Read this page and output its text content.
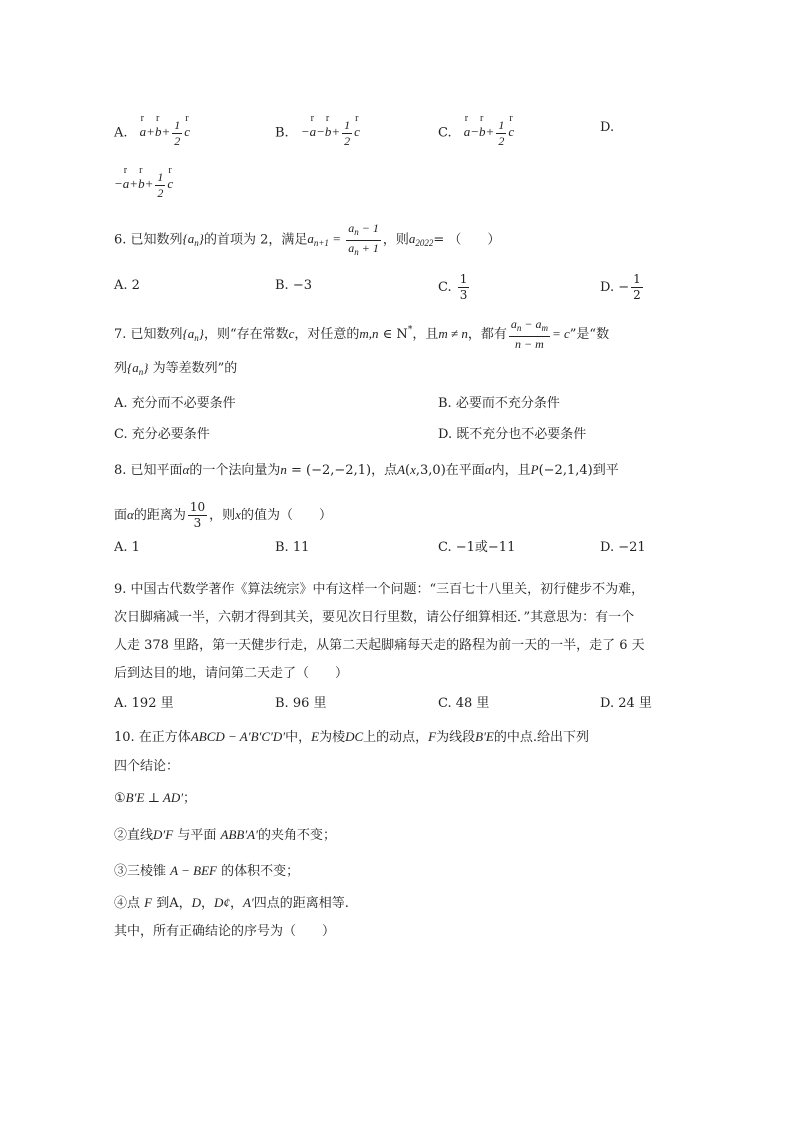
A. r a+r $b+ \frac{1}{2}$ r c	B. −r a−r $b+ \frac{1}{2}$ r c	C. r a−r $b+ \frac{1}{2}$ r c	D.
−r a+r $b+ \frac{1}{2}$ r c
6. 已知数列$\{a_n\}$的首项为 2，满足$a_{n+1} = \frac{a_n - 1}{a_n + 1}$ ，则$a_{2022}=$ （　　）
A. 2	B. −3	C. $\frac{1}{3}$	D. − $\frac{1}{2}$
7. 已知数列$\{a_n\}$，则“存在常数c，对任意的m,n ∈ N*，且m ≠ n，都有 $\frac{a_n - a_m}{n - m} = c$”是“数
列$\{a_n\}$ 为等差数列”的
A. 充分而不必要条件	B. 必要而不充分条件
C. 充分必要条件	D. 既不充分也不必要条件
8. 已知平面α的一个法向量为n = (−2,−2,1)，点A(x,3,0)在平面α内，且P(−2,1,4)到平
面α的距离为 $\frac{10}{3}$ ，则x的值为（　　）
A. 1	B. 11	C. −1或−11	D. −21
9. 中国古代数学著作《算法统宗》中有这样一个问题：“三百七十八里关，初行健步不为难，
次日脚痛减一半，六朝才得到其关，要见次日行里数，请公仔细算相还．”其意思为：有一个
人走 378 里路，第一天健步行走，从第二天起脚痛每天走的路程为前一天的一半，走了 6 天
后到达目的地，请问第二天走了（　　）
A. 192 里	B. 96 里	C. 48 里	D. 24 里
10. 在正方体ABCD − A′B′C′D′中，E为棱DC上的动点，F为线段B′E的中点.给出下列
四个结论：
①B′E ⊥ AD′；
②直线D′F 与平面 ABB′A′的夹角不变；
③三棱锥 A − BEF 的体积不变；
④点 F 到A，D，D¢，A′四点的距离相等.
其中，所有正确结论的序号为（　　）
